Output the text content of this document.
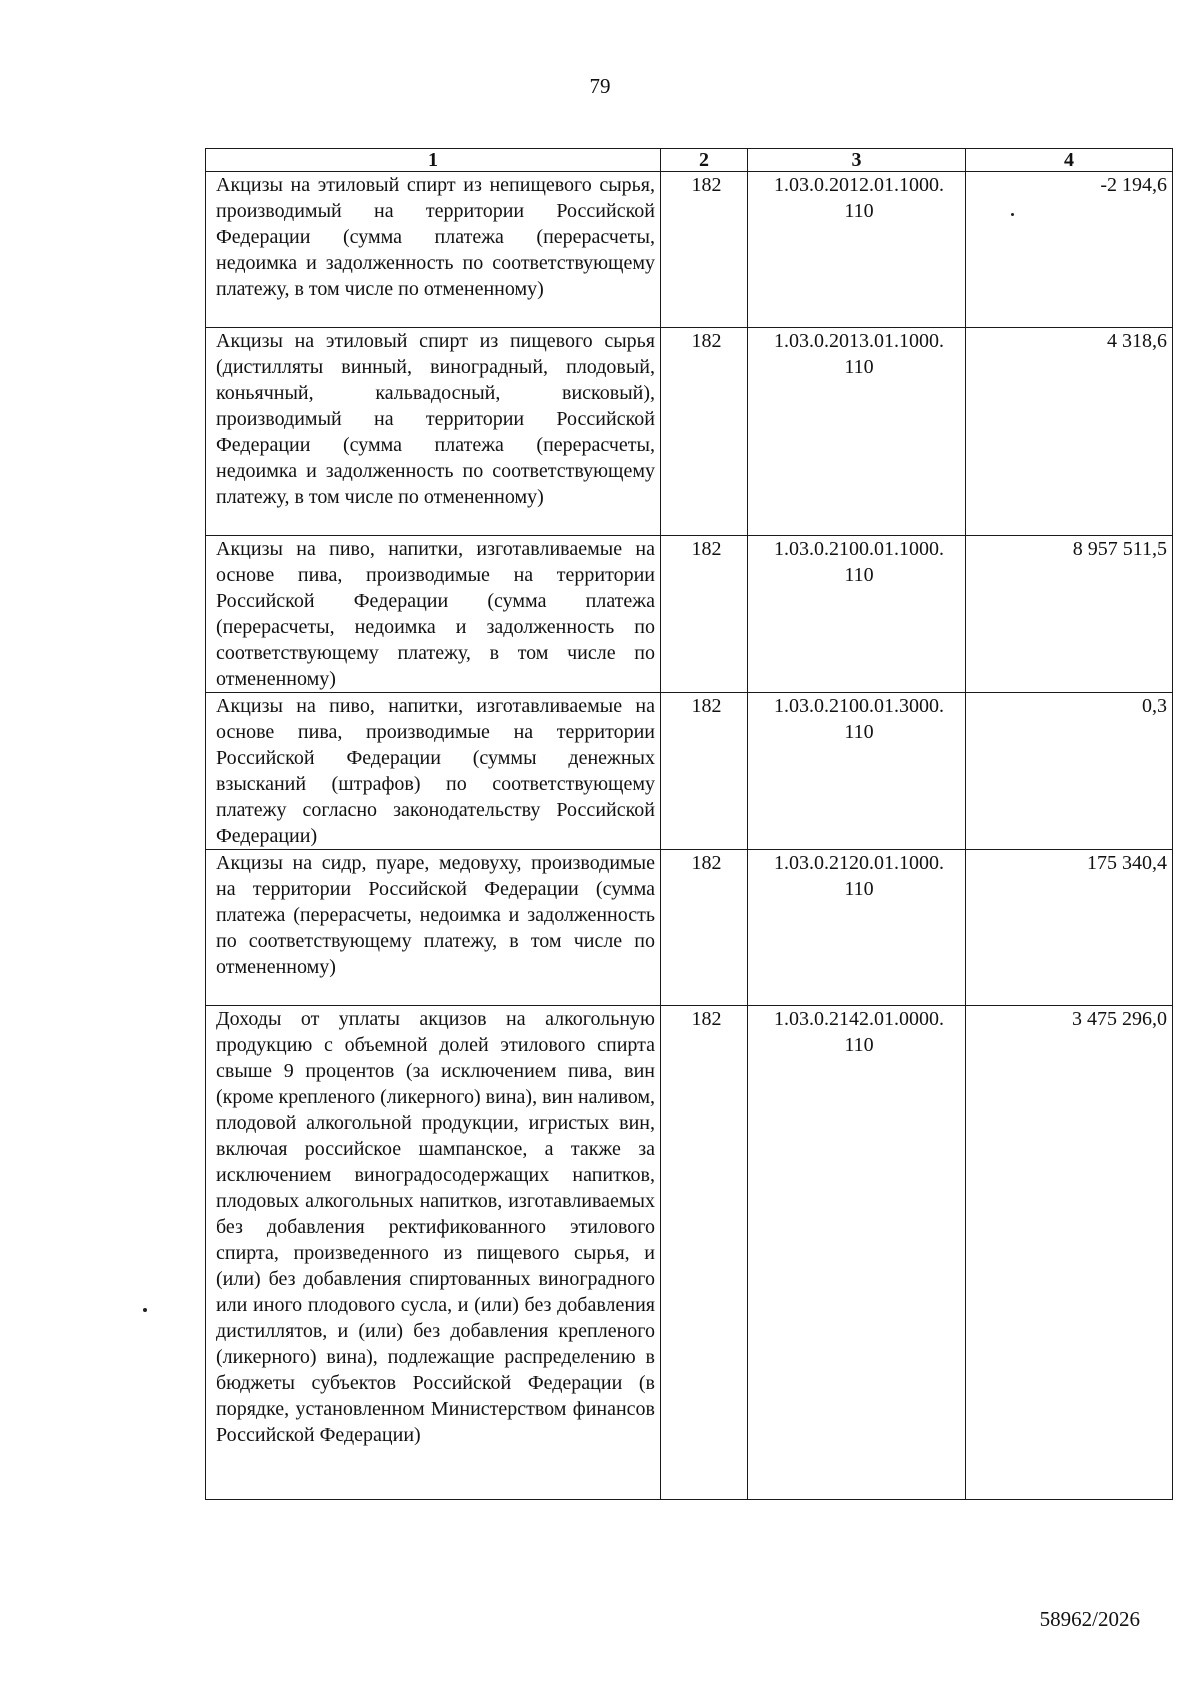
79
1	2	3	4
Акцизы на этиловый спирт из непищевого сырья, производимый на территории Российской Федерации (сумма платежа (перерасчеты, недоимка и задолженность по соответствующему платежу, в том числе по отмененному)	182	1.03.0.2012.01.1000. 110	-2 194,6
Акцизы на этиловый спирт из пищевого сырья (дистилляты винный, виноградный, плодовый, коньячный, кальвадосный, висковый), производимый на территории Российской Федерации (сумма платежа (перерасчеты, недоимка и задолженность по соответствующему платежу, в том числе по отмененному)	182	1.03.0.2013.01.1000. 110	4 318,6
Акцизы на пиво, напитки, изготавливаемые на основе пива, производимые на территории Российской Федерации (сумма платежа (перерасчеты, недоимка и задолженность по соответствующему платежу, в том числе по отмененному)	182	1.03.0.2100.01.1000. 110	8 957 511,5
Акцизы на пиво, напитки, изготавливаемые на основе пива, производимые на территории Российской Федерации (суммы денежных взысканий (штрафов) по соответствующему платежу согласно законодательству Российской Федерации)	182	1.03.0.2100.01.3000. 110	0,3
Акцизы на сидр, пуаре, медовуху, производимые на территории Российской Федерации (сумма платежа (перерасчеты, недоимка и задолженность по соответствующему платежу, в том числе по отмененному)	182	1.03.0.2120.01.1000. 110	175 340,4
Доходы от уплаты акцизов на алкогольную продукцию с объемной долей этилового спирта свыше 9 процентов (за исключением пива, вин (кроме крепленого (ликерного) вина), вин наливом, плодовой алкогольной продукции, игристых вин, включая российское шампанское, а также за исключением виноградосодержащих напитков, плодовых алкогольных напитков, изготавливаемых без добавления ректификованного этилового спирта, произведенного из пищевого сырья, и (или) без добавления спиртованных виноградного или иного плодового сусла, и (или) без добавления дистиллятов, и (или) без добавления крепленого (ликерного) вина), подлежащие распределению в бюджеты субъектов Российской Федерации (в порядке, установленном Министерством финансов Российской Федерации)	182	1.03.0.2142.01.0000. 110	3 475 296,0
58962/2026
